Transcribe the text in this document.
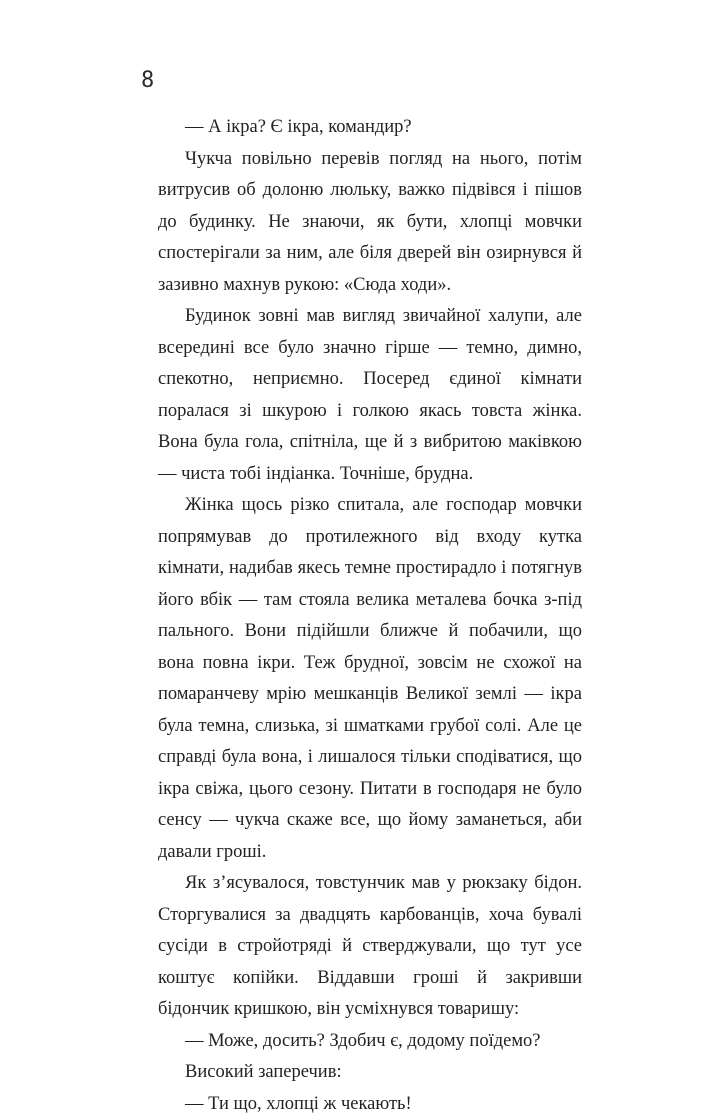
8

— А ікра? Є ікра, командир?

Чукча повільно перевів погляд на нього, потім витрусив об долоню люльку, важко підвівся і пішов до будинку. Не знаючи, як бути, хлопці мовчки спостерігали за ним, але біля дверей він озирнувся й зазивно махнув рукою: «Сюда ходи».

Будинок зовні мав вигляд звичайної халупи, але всередині все було значно гірше — темно, димно, спекотно, неприємно. Посеред єдиної кімнати поралася зі шкурою і голкою якась товста жінка. Вона була гола, спітніла, ще й з вибритою маківкою — чиста тобі індіанка. Точніше, брудна.

Жінка щось різко спитала, але господар мовчки попрямував до протилежного від входу кутка кімнати, надибав якесь темне простирадло і потягнув його вбік — там стояла велика металева бочка з-під пального. Вони підійшли ближче й побачили, що вона повна ікри. Теж брудної, зовсім не схожої на помаранчеву мрію мешканців Великої землі — ікра була темна, слизька, зі шматками грубої солі. Але це справді була вона, і лишалося тільки сподіватися, що ікра свіжа, цього сезону. Питати в господаря не було сенсу — чукча скаже все, що йому заманеться, аби давали гроші.

Як з’ясувалося, товстунчик мав у рюкзаку бідон. Сторгувалися за двадцять карбованців, хоча бувалі сусіди в стройотряді й стверджували, що тут усе коштує копійки. Віддавши гроші й закривши бідончик кришкою, він усміхнувся товаришу:

— Може, досить? Здобич є, додому поїдемо?

Високий заперечив:

— Ти що, хлопці ж чекають!
